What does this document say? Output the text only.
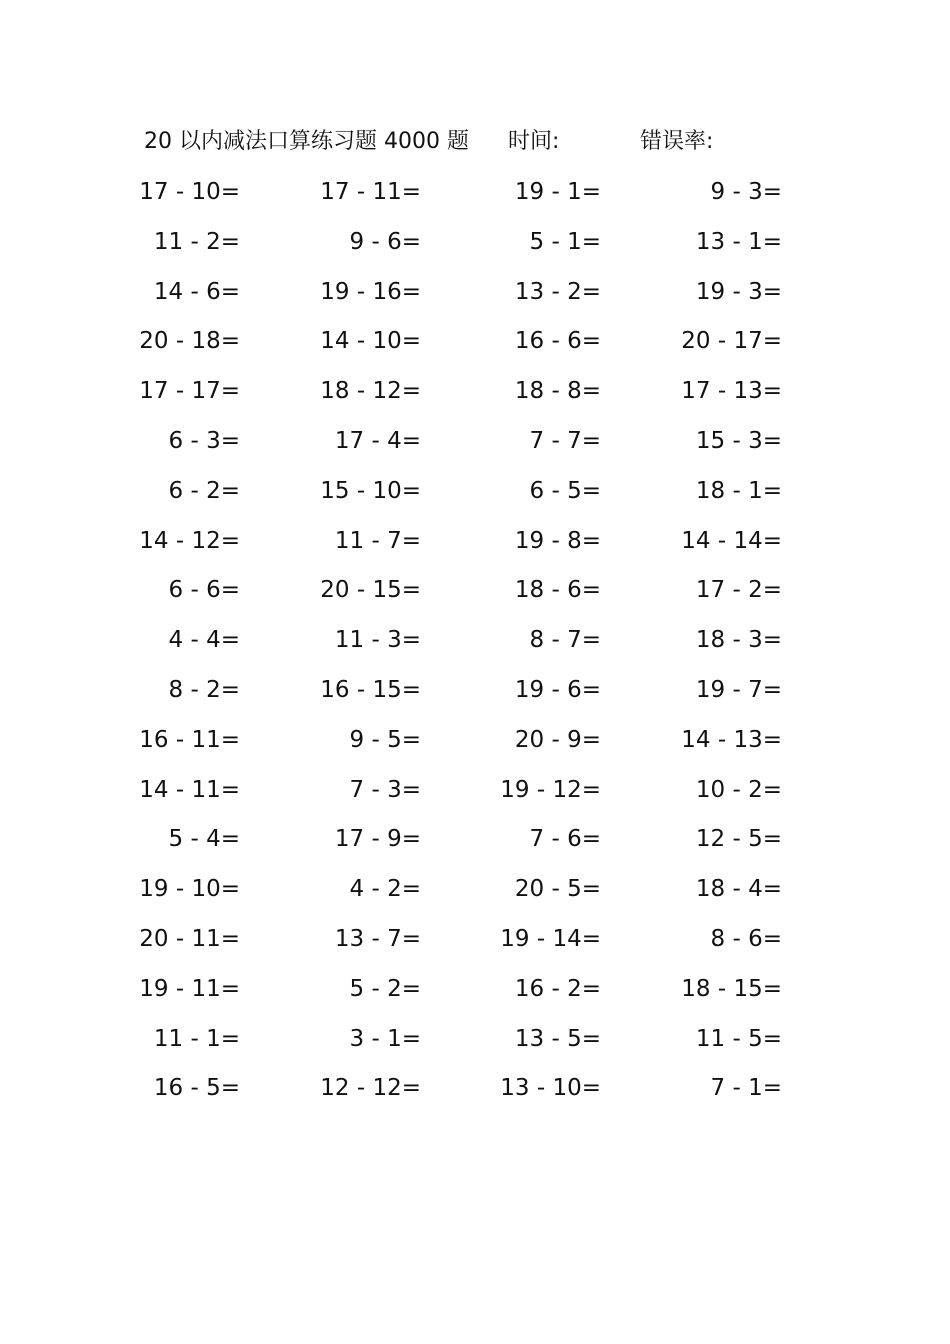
20 以内减法口算练习题 4000 题 时间:	错误率:
17 - 10=	17 - 11=	19 - 1=	9 - 3=
11 - 2=	9 - 6=	5 - 1=	13 - 1=
14 - 6=	19 - 16=	13 - 2=	19 - 3=
20 - 18=	14 - 10=	16 - 6=	20 - 17=
17 - 17=	18 - 12=	18 - 8=	17 - 13=
6 - 3=	17 - 4=	7 - 7=	15 - 3=
6 - 2=	15 - 10=	6 - 5=	18 - 1=
14 - 12=	11 - 7=	19 - 8=	14 - 14=
6 - 6=	20 - 15=	18 - 6=	17 - 2=
4 - 4=	11 - 3=	8 - 7=	18 - 3=
8 - 2=	16 - 15=	19 - 6=	19 - 7=
16 - 11=	9 - 5=	20 - 9=	14 - 13=
14 - 11=	7 - 3=	19 - 12=	10 - 2=
5 - 4=	17 - 9=	7 - 6=	12 - 5=
19 - 10=	4 - 2=	20 - 5=	18 - 4=
20 - 11=	13 - 7=	19 - 14=	8 - 6=
19 - 11=	5 - 2=	16 - 2=	18 - 15=
11 - 1=	3 - 1=	13 - 5=	11 - 5=
16 - 5=	12 - 12=	13 - 10=	7 - 1=
